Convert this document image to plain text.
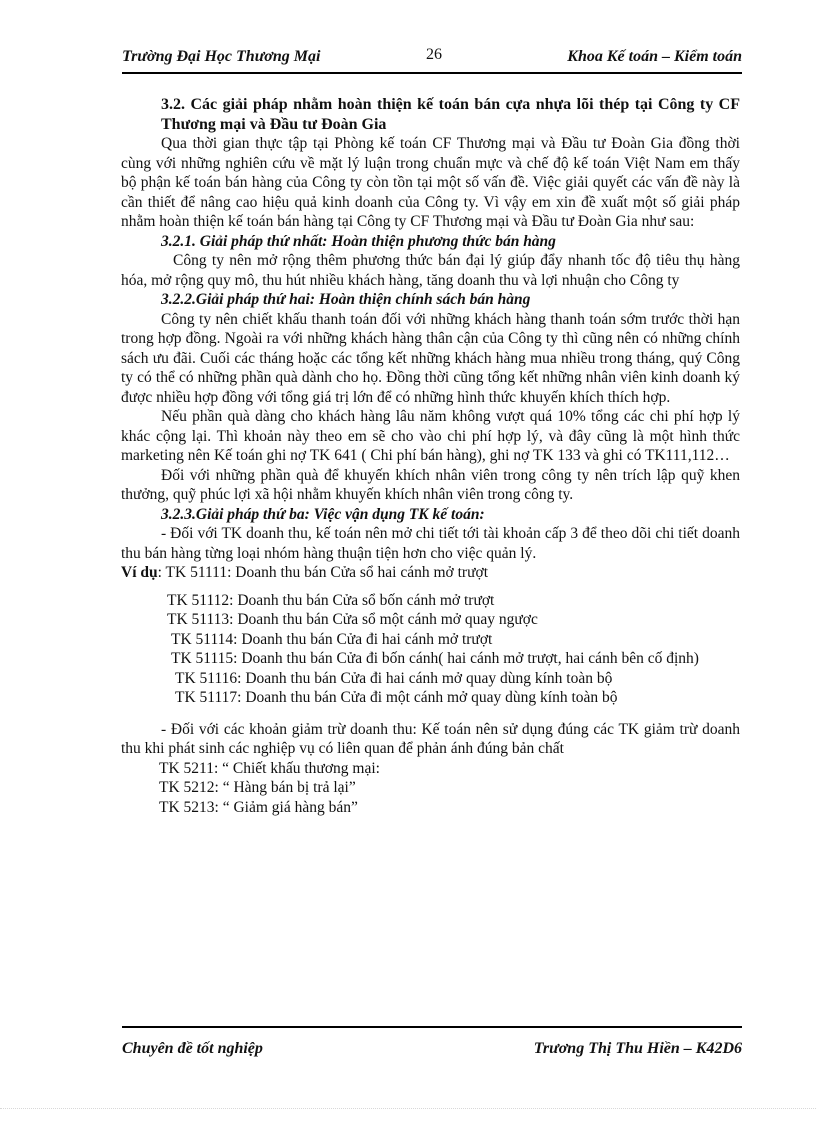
Trường Đại Học Thương Mại	26	Khoa Kế toán – Kiểm toán

3.2. Các giải pháp nhằm hoàn thiện kế toán bán cựa nhựa lõi thép tại Công ty CF Thương mại và Đầu tư Đoàn Gia

Qua thời gian thực tập tại Phòng kế toán CF Thương mại và Đầu tư Đoàn Gia đồng thời cùng với những nghiên cứu về mặt lý luận trong chuẩn mực và chế độ kế toán Việt Nam em thấy bộ phận kế toán bán hàng của Công ty còn tồn tại một số vấn đề. Việc giải quyết các vấn đề này là cần thiết để nâng cao hiệu quả kinh doanh của Công ty. Vì vậy em xin đề xuất một số giải pháp nhằm hoàn thiện kế toán bán hàng tại Công ty CF Thương mại và Đầu tư Đoàn Gia như sau:

3.2.1. Giải pháp thứ nhất: Hoàn thiện phương thức bán hàng

Công ty nên mở rộng thêm phương thức bán đại lý giúp đẩy nhanh tốc độ tiêu thụ hàng hóa, mở rộng quy mô, thu hút nhiều khách hàng, tăng doanh thu và lợi nhuận cho Công ty

3.2.2.Giải pháp thứ hai: Hoàn thiện chính sách bán hàng

Công ty nên chiết khấu thanh toán đối với những khách hàng thanh toán sớm trước thời hạn trong hợp đồng. Ngoài ra với những khách hàng thân cận của Công ty thì cũng nên có những chính sách ưu đãi. Cuối các tháng hoặc các tổng kết những khách hàng mua nhiều trong tháng, quý Công ty có thể có những phần quà dành cho họ. Đồng thời cũng tổng kết những nhân viên kinh doanh ký được nhiều hợp đồng với tổng giá trị lớn để có những hình thức khuyến khích thích hợp.

Nếu phần quà dàng cho khách hàng lâu năm không vượt quá 10% tổng các chi phí hợp lý khác cộng lại. Thì khoản này theo em sẽ cho vào chi phí hợp lý, và đây cũng là một hình thức marketing nên Kế toán ghi nợ TK 641 ( Chi phí bán hàng), ghi nợ TK 133 và ghi có TK111,112…

Đối với những phần quà để khuyến khích nhân viên trong công ty nên trích lập quỹ khen thưởng, quỹ phúc lợi xã hội nhằm khuyến khích nhân viên trong công ty.

3.2.3.Giải pháp thứ ba: Việc vận dụng TK kế toán:

- Đối với TK doanh thu, kế toán nên mở chi tiết tới tài khoản cấp 3 để theo dõi chi tiết doanh thu bán hàng từng loại nhóm hàng thuận tiện hơn cho việc quản lý.

Ví dụ: TK 51111: Doanh thu bán Cửa sổ hai cánh mở trượt

TK 51112: Doanh thu bán Cửa sổ bốn cánh mở trượt

TK 51113: Doanh thu bán Cửa sổ một cánh mở quay ngược

TK 51114: Doanh thu bán Cửa đi hai cánh mở trượt

TK 51115: Doanh thu bán Cửa đi bốn cánh( hai cánh mở trượt, hai cánh bên cố định)

TK 51116: Doanh thu bán Cửa đi hai cánh mở quay dùng kính toàn bộ

TK 51117: Doanh thu bán Cửa đi một cánh mở quay dùng kính toàn bộ

- Đối với các khoản giảm trừ doanh thu: Kế toán nên sử dụng đúng các TK giảm trừ doanh thu khi phát sinh các nghiệp vụ có liên quan để phản ánh đúng bản chất

TK 5211: “ Chiết khấu thương mại:

TK 5212: “ Hàng bán bị trả lại”

TK 5213: “ Giảm giá hàng bán”

Chuyên đề tốt nghiệp	Trương Thị Thu Hiền – K42D6
